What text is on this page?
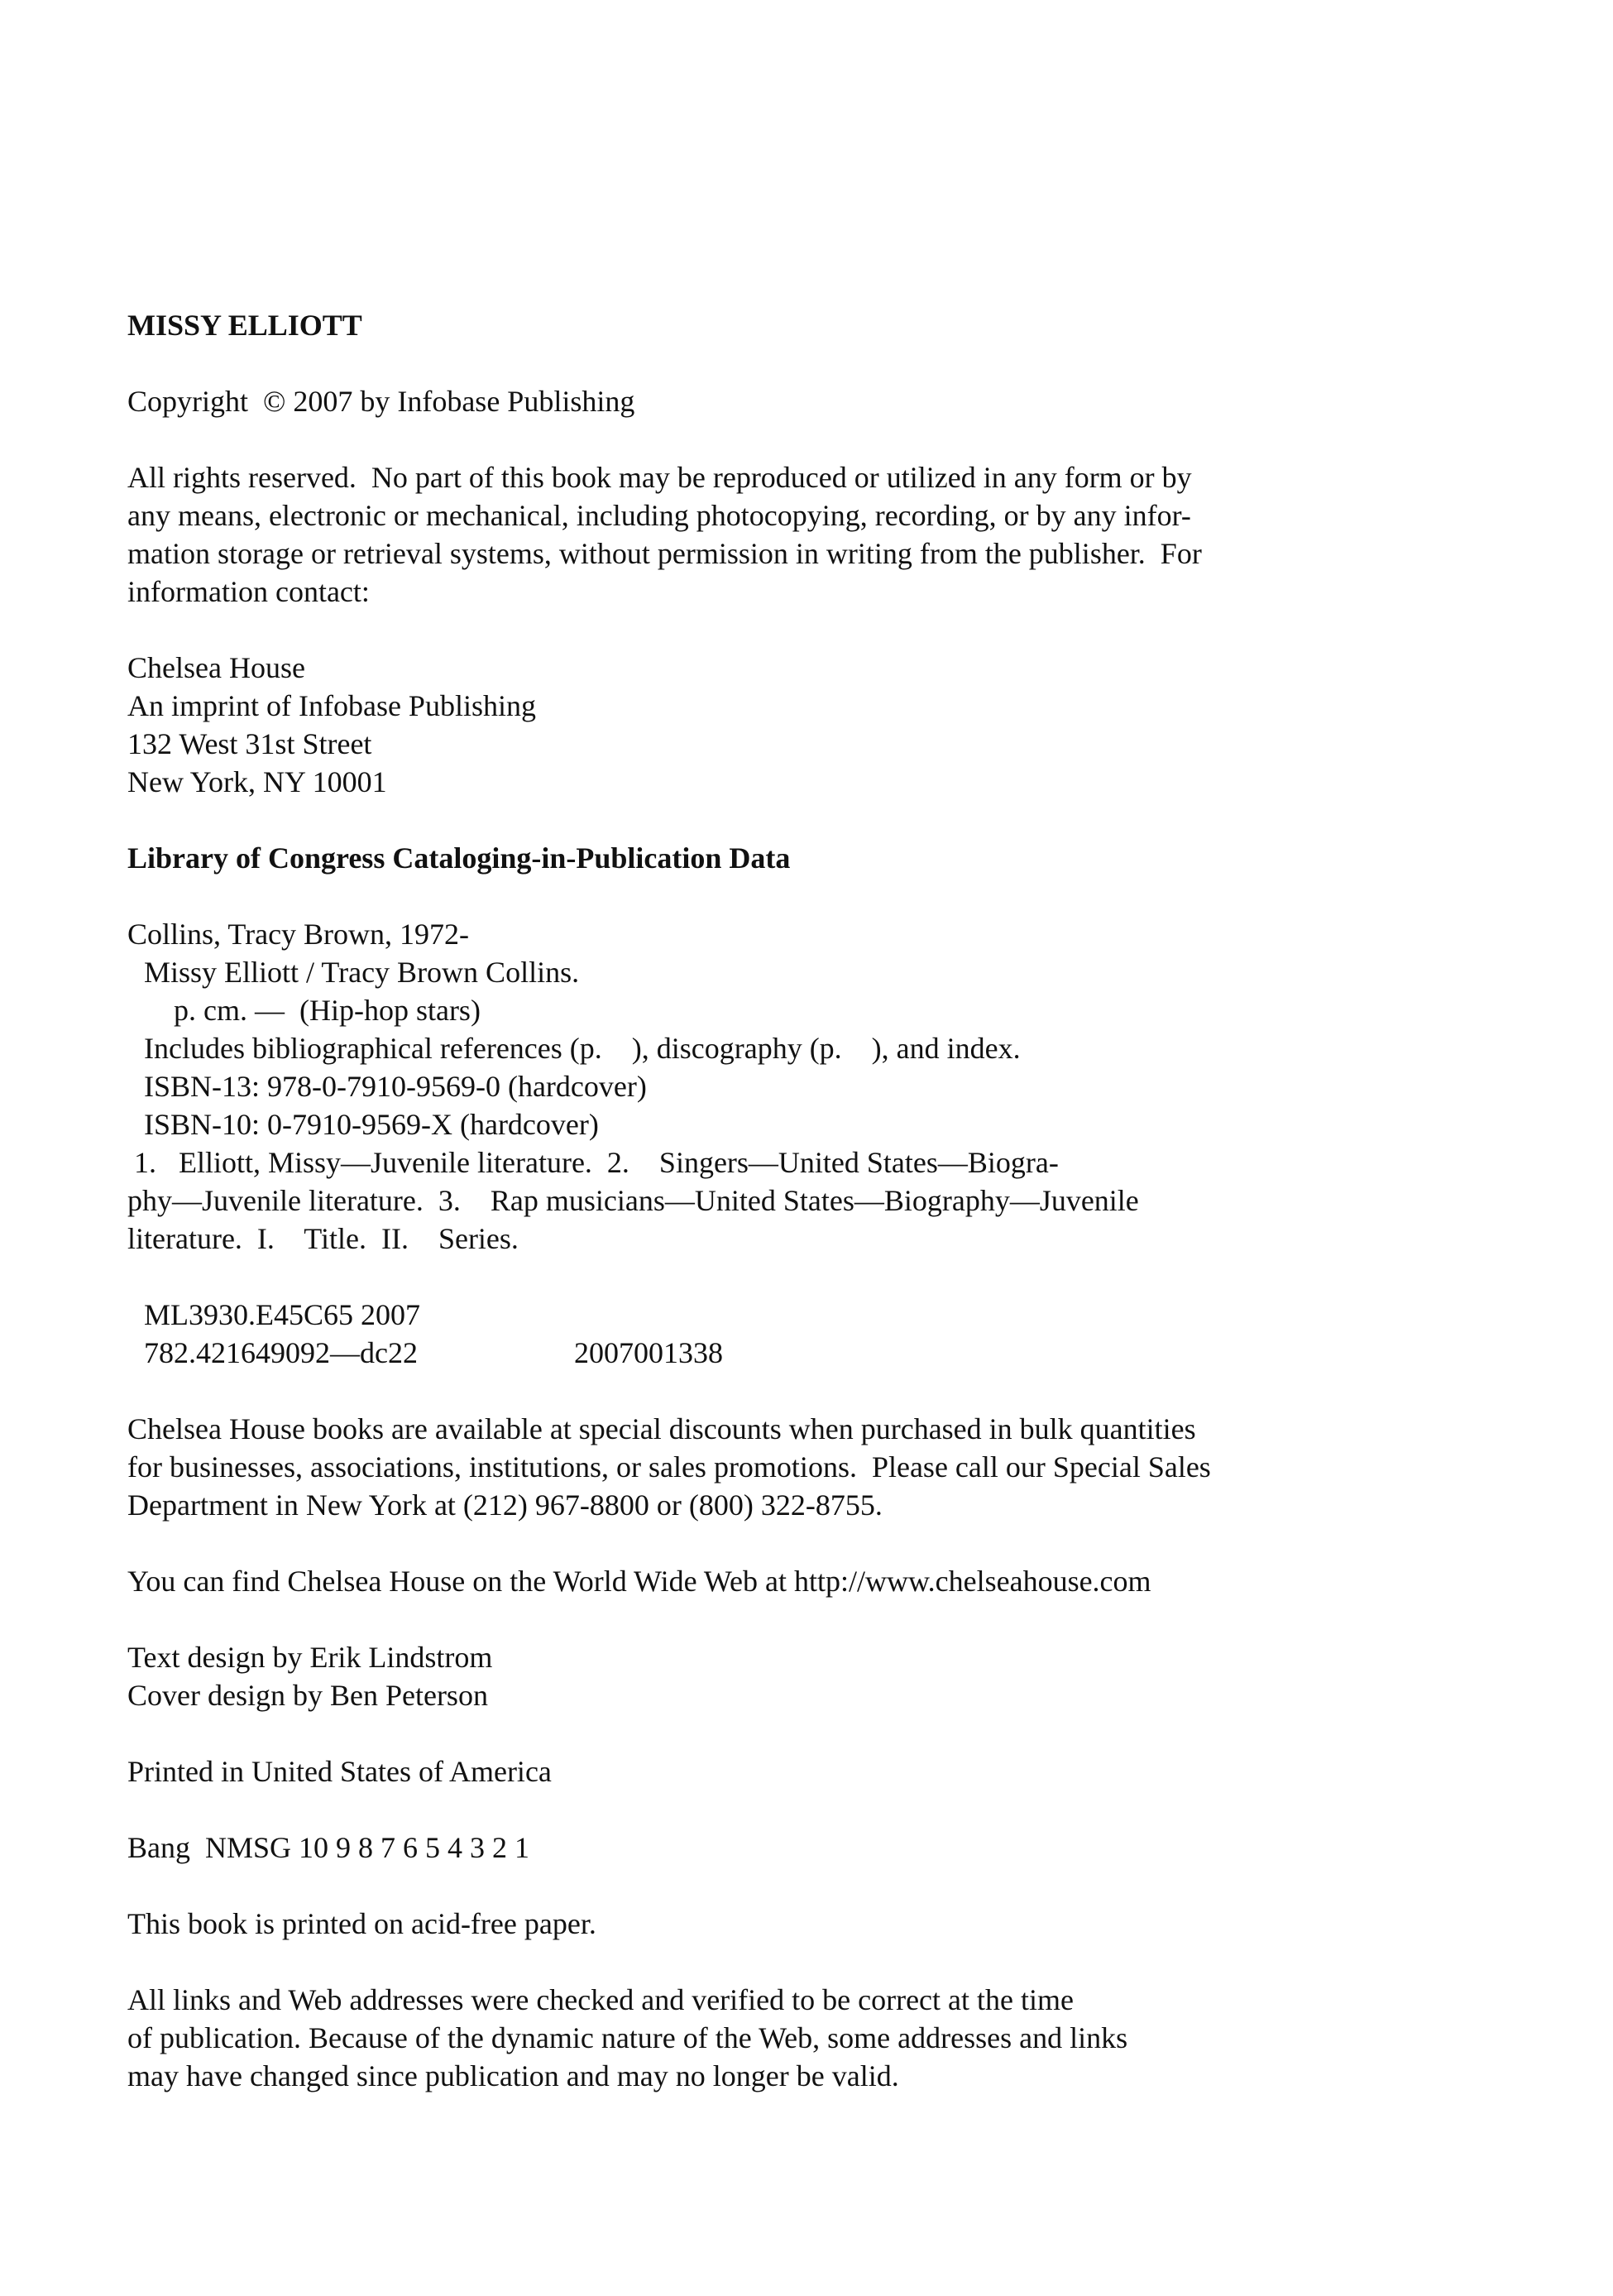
MISSY ELLIOTT
Copyright  © 2007 by Infobase Publishing
All rights reserved.  No part of this book may be reproduced or utilized in any form or by
any means, electronic or mechanical, including photocopying, recording, or by any infor-
mation storage or retrieval systems, without permission in writing from the publisher.  For
information contact:
Chelsea House
An imprint of Infobase Publishing
132 West 31st Street
New York, NY 10001
Library of Congress Cataloging-in-Publication Data
Collins, Tracy Brown, 1972-
Missy Elliott / Tracy Brown Collins.
p. cm. —  (Hip-hop stars)
Includes bibliographical references (p.    ), discography (p.    ), and index.
ISBN-13: 978-0-7910-9569-0 (hardcover)
ISBN-10: 0-7910-9569-X (hardcover)
1.   Elliott, Missy—Juvenile literature.  2.    Singers—United States—Biogra-
phy—Juvenile literature.  3.    Rap musicians—United States—Biography—Juvenile
literature.  I.    Title.  II.    Series.
ML3930.E45C65 2007

782.421649092—dc22

	2007001338

Chelsea House books are available at special discounts when purchased in bulk quantities
for businesses, associations, institutions, or sales promotions.  Please call our Special Sales
Department in New York at (212) 967-8800 or (800) 322-8755.
You can find Chelsea House on the World Wide Web at http://www.chelseahouse.com
Text design by Erik Lindstrom
Cover design by Ben Peterson
Printed in United States of America
Bang  NMSG 10 9 8 7 6 5 4 3 2 1
This book is printed on acid-free paper.
All links and Web addresses were checked and verified to be correct at the time
of publication. Because of the dynamic nature of the Web, some addresses and links
may have changed since publication and may no longer be valid.
